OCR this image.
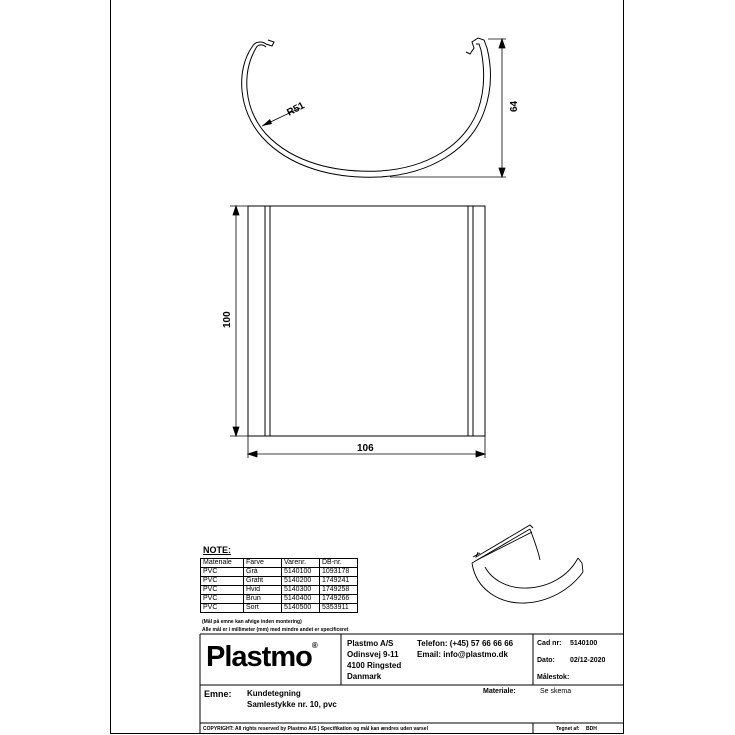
R51	64
100
106
NOTE:
Materiale	Farve	Varenr.	DB-nr.
PVC	Grå	5140100	1093178
PVC	Grafit	5140200	1749241
PVC	Hvid	5140300	1749258
PVC	Brun	5140400	1749266
PVC	Sort	5140500	5353911
(Mål på emne kan afvige inden montering)
Alle mål er i millimeter (mm) med mindre andet er specificeret
Plastmo®	Plastmo A/S
Odinsvej 9-11
4100 Ringsted
Danmark
Telefon: (+45) 57 66 66 66
Email: info@plastmo.dk
Cad nr: 5140100
Dato: 02/12-2020
Målestok:
Emne: Kundetegning
Samlestykke nr. 10, pvc
Materiale:	Se skema
COPYRIGHT: All rights reserved by Plastmo A/S | Specifikation og mål kan ændres uden varsel	Tegnet af: BDH
